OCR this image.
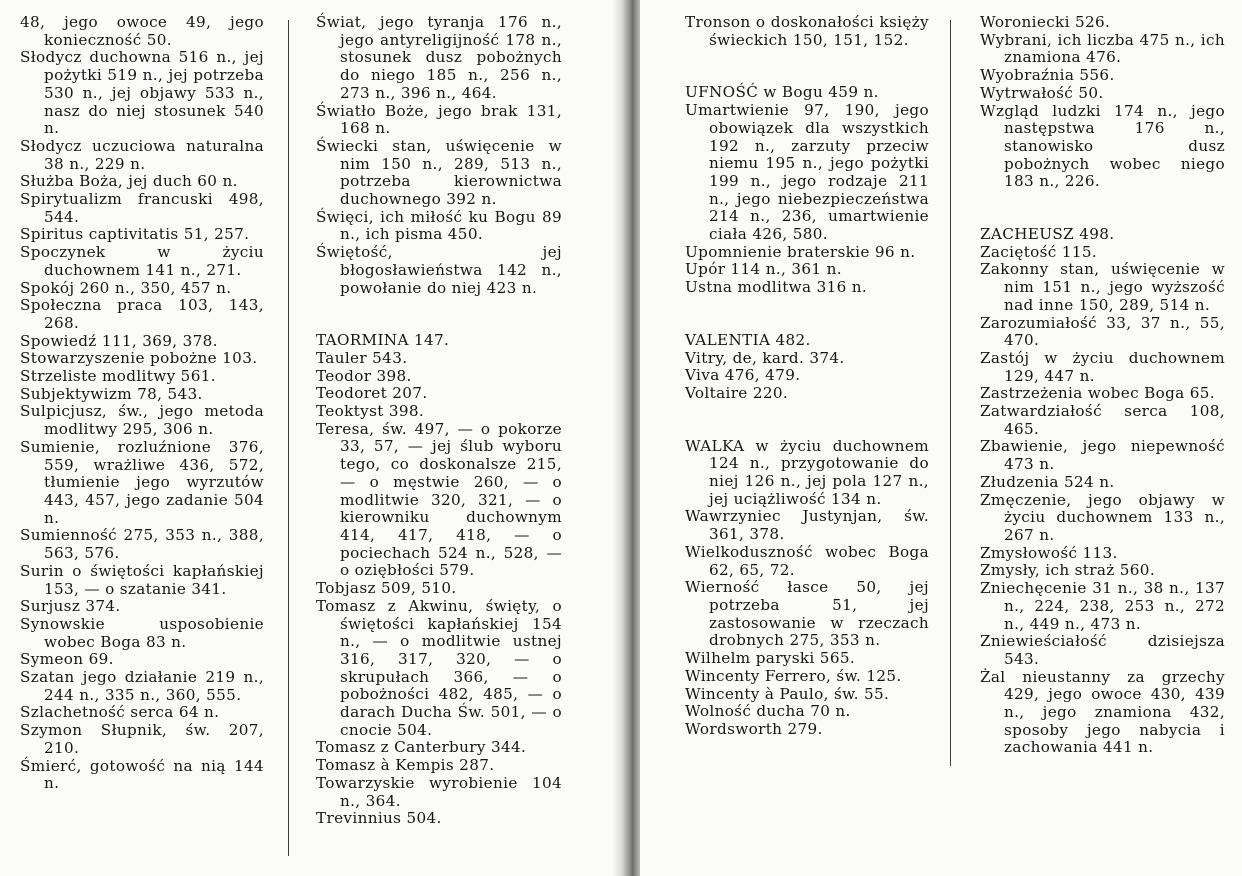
48, jego owoce 49, jego konieczność 50.
Słodycz duchowna 516 n., jej pożytki 519 n., jej potrzeba 530 n., jej objawy 533 n., nasz do niej stosunek 540 n.
Słodycz uczuciowa naturalna 38 n., 229 n.
Służba Boża, jej duch 60 n.
Spirytualizm francuski 498, 544.
Spiritus captivitatis 51, 257.
Spoczynek w życiu duchownem 141 n., 271.
Spokój 260 n., 350, 457 n.
Społeczna praca 103, 143, 268.
Spowiedź 111, 369, 378.
Stowarzyszenie pobożne 103.
Strzeliste modlitwy 561.
Subjektywizm 78, 543.
Sulpicjusz, św., jego metoda modlitwy 295, 306 n.
Sumienie, rozluźnione 376, 559, wrażliwe 436, 572, tłumienie jego wyrzutów 443, 457, jego zadanie 504 n.
Sumienność 275, 353 n., 388, 563, 576.
Surin o świętości kapłańskiej 153, — o szatanie 341.
Surjusz 374.
Synowskie usposobienie wobec Boga 83 n.
Symeon 69.
Szatan jego działanie 219 n., 244 n., 335 n., 360, 555.
Szlachetność serca 64 n.
Szymon Słupnik, św. 207, 210.
Śmierć, gotowość na nią 144 n.
Świat, jego tyranja 176 n., jego antyreligijność 178 n., stosunek dusz pobożnych do niego 185 n., 256 n., 273 n., 396 n., 464.
Światło Boże, jego brak 131, 168 n.
Świecki stan, uświęcenie w nim 150 n., 289, 513 n., potrzeba kierownictwa duchownego 392 n.
Święci, ich miłość ku Bogu 89 n., ich pisma 450.
Świętość, jej błogosławieństwa 142 n., powołanie do niej 423 n.
TAORMINA 147.
Tauler 543.
Teodor 398.
Teodoret 207.
Teoktyst 398.
Teresa, św. 497, — o pokorze 33, 57, — jej ślub wyboru tego, co doskonalsze 215, — o męstwie 260, — o modlitwie 320, 321, — o kierowniku duchownym 414, 417, 418, — o pociechach 524 n., 528, — o oziębłości 579.
Tobjasz 509, 510.
Tomasz z Akwinu, święty, o świętości kapłańskiej 154 n., — o modlitwie ustnej 316, 317, 320, — o skrupułach 366, — o pobożności 482, 485, — o darach Ducha Św. 501, — o cnocie 504.
Tomasz z Canterbury 344.
Tomasz à Kempis 287.
Towarzyskie wyrobienie 104 n., 364.
Trevinnius 504.
Tronson o doskonałości księży świeckich 150, 151, 152.
UFNOŚĆ w Bogu 459 n.
Umartwienie 97, 190, jego obowiązek dla wszystkich 192 n., zarzuty przeciw niemu 195 n., jego pożytki 199 n., jego rodzaje 211 n., jego niebezpieczeństwa 214 n., 236, umartwienie ciała 426, 580.
Upomnienie braterskie 96 n.
Upór 114 n., 361 n.
Ustna modlitwa 316 n.
VALENTIA 482.
Vitry, de, kard. 374.
Viva 476, 479.
Voltaire 220.
WALKA w życiu duchownem 124 n., przygotowanie do niej 126 n., jej pola 127 n., jej uciążliwość 134 n.
Wawrzyniec Justynjan, św. 361, 378.
Wielkoduszność wobec Boga 62, 65, 72.
Wierność łasce 50, jej potrzeba 51, jej zastosowanie w rzeczach drobnych 275, 353 n.
Wilhelm paryski 565.
Wincenty Ferrero, św. 125.
Wincenty à Paulo, św. 55.
Wolność ducha 70 n.
Wordsworth 279.
Woroniecki 526.
Wybrani, ich liczba 475 n., ich znamiona 476.
Wyobraźnia 556.
Wytrwałość 50.
Wzgląd ludzki 174 n., jego następstwa 176 n., stanowisko dusz pobożnych wobec niego 183 n., 226.
ZACHEUSZ 498.
Zaciętość 115.
Zakonny stan, uświęcenie w nim 151 n., jego wyższość nad inne 150, 289, 514 n.
Zarozumiałość 33, 37 n., 55, 470.
Zastój w życiu duchownem 129, 447 n.
Zastrzeżenia wobec Boga 65.
Zatwardziałość serca 108, 465.
Zbawienie, jego niepewność 473 n.
Złudzenia 524 n.
Zmęczenie, jego objawy w życiu duchownem 133 n., 267 n.
Zmysłowość 113.
Zmysły, ich straż 560.
Zniechęcenie 31 n., 38 n., 137 n., 224, 238, 253 n., 272 n., 449 n., 473 n.
Zniewieściałość dzisiejsza 543.
Żal nieustanny za grzechy 429, jego owoce 430, 439 n., jego znamiona 432, sposoby jego nabycia i zachowania 441 n.
